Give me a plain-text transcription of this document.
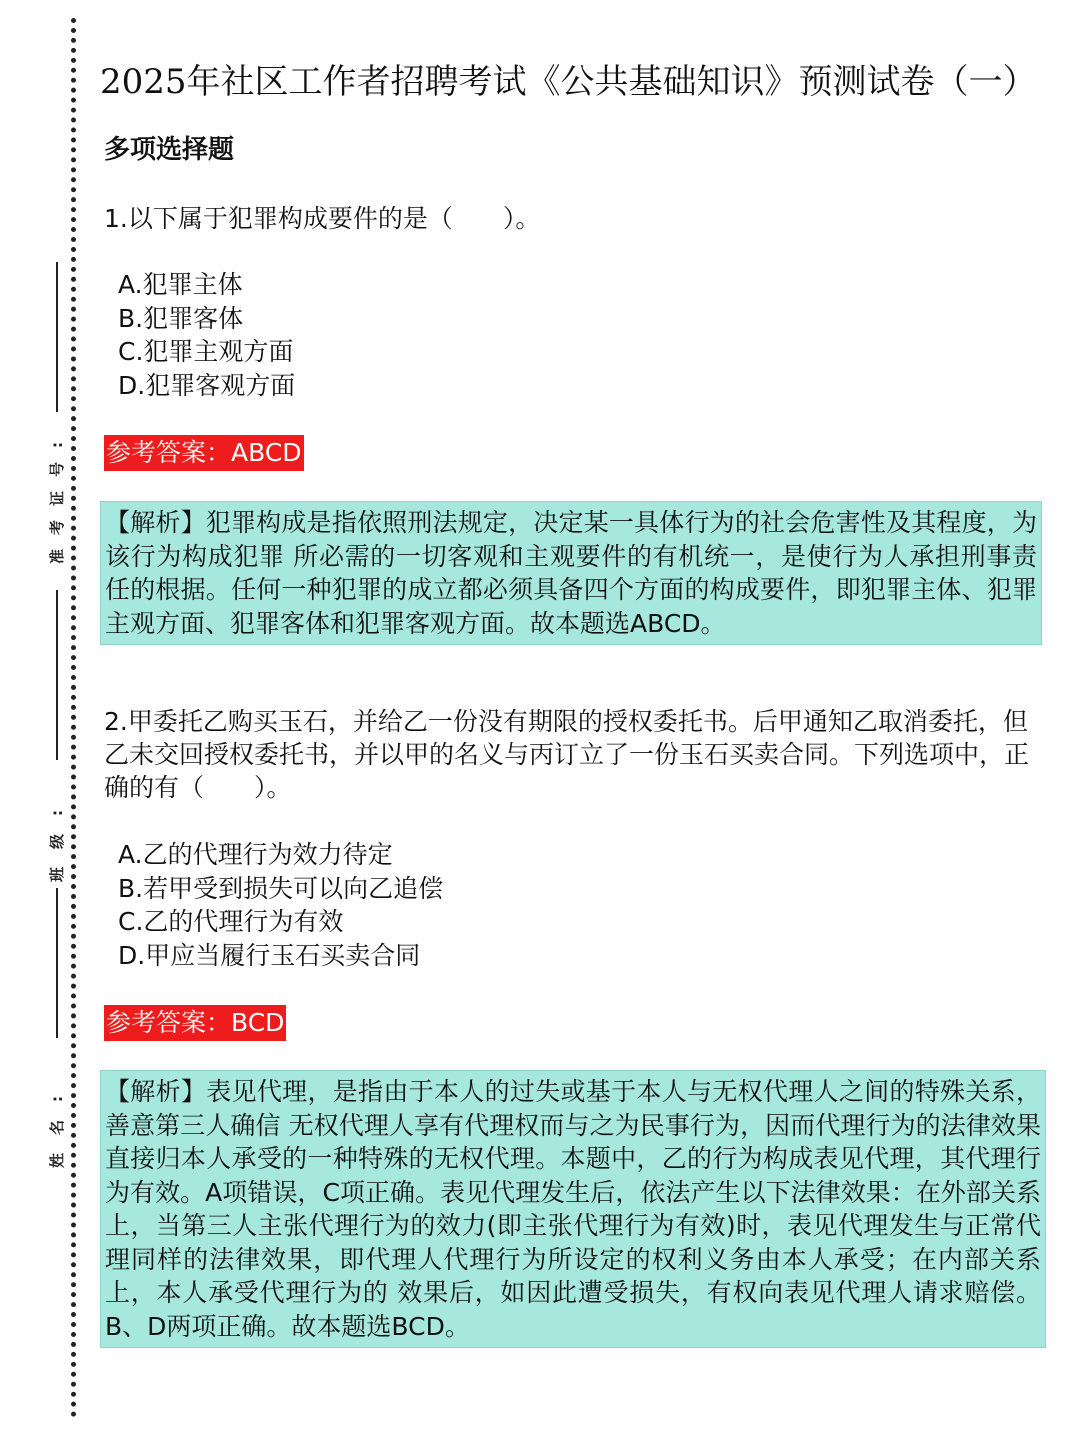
准考证号:
班级:
姓名:
2025年社区工作者招聘考试《公共基础知识》预测试卷（一）
多项选择题
1.以下属于犯罪构成要件的是（　　）。
A.犯罪主体
B.犯罪客体
C.犯罪主观方面
D.犯罪客观方面
参考答案：ABCD
【解析】犯罪构成是指依照刑法规定，决定某一具体行为的社会危害性及其程度，为该行为构成犯罪 所必需的一切客观和主观要件的有机统一，是使行为人承担刑事责任的根据。任何一种犯罪的成立都必须具备四个方面的构成要件，即犯罪主体、犯罪主观方面、犯罪客体和犯罪客观方面。故本题选ABCD。
2.甲委托乙购买玉石，并给乙一份没有期限的授权委托书。后甲通知乙取消委托，但乙未交回授权委托书，并以甲的名义与丙订立了一份玉石买卖合同。下列选项中，正确的有（　　）。
A.乙的代理行为效力待定
B.若甲受到损失可以向乙追偿
C.乙的代理行为有效
D.甲应当履行玉石买卖合同
参考答案：BCD
【解析】表见代理，是指由于本人的过失或基于本人与无权代理人之间的特殊关系，善意第三人确信 无权代理人享有代理权而与之为民事行为，因而代理行为的法律效果直接归本人承受的一种特殊的无权代理。本题中，乙的行为构成表见代理，其代理行为有效。A项错误，C项正确。表见代理发生后，依法产生以下法律效果：在外部关系上，当第三人主张代理行为的效力(即主张代理行为有效)时，表见代理发生与正常代 理同样的法律效果，即代理人代理行为所设定的权利义务由本人承受；在内部关系上，本人承受代理行为的 效果后，如因此遭受损失，有权向表见代理人请求赔偿。B、D两项正确。故本题选BCD。
